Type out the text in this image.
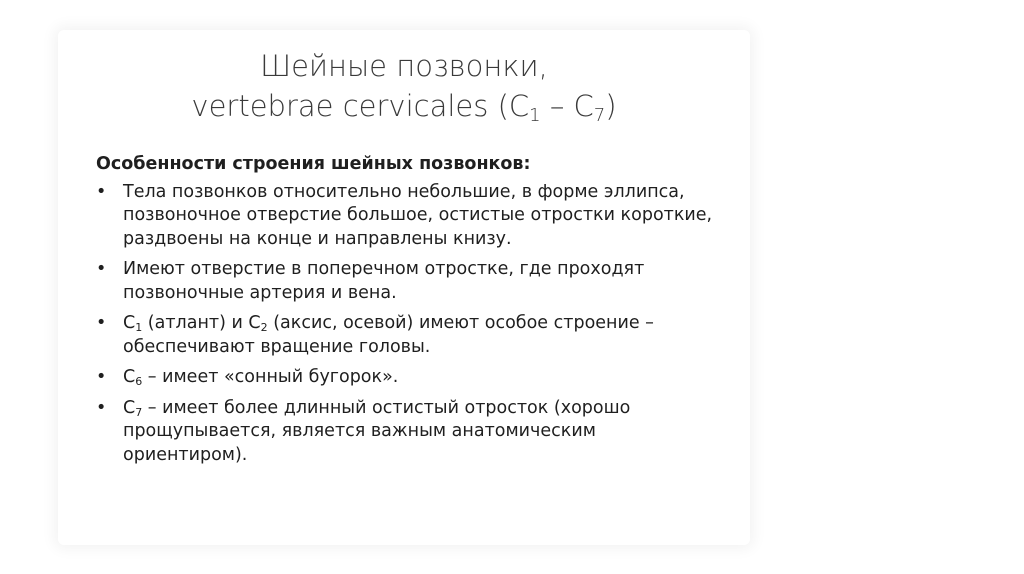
Шейные позвонки,
vertebrae cervicales $(C_1 - C_7)$
Особенности строения шейных позвонков:
• Тела позвонков относительно небольшие, в форме эллипса, позвоночное отверстие большое, остистые отростки короткие, раздвоены на конце и направлены книзу.
• Имеют отверстие в поперечном отростке, где проходят позвоночные артерия и вена.
• $C_1$ (атлант) и $C_2$ (аксис, осевой) имеют особое строение – обеспечивают вращение головы.
• $C_6$ – имеет «сонный бугорок».
• $C_7$ – имеет более длинный остистый отросток (хорошо прощупывается, является важным анатомическим ориентиром).
